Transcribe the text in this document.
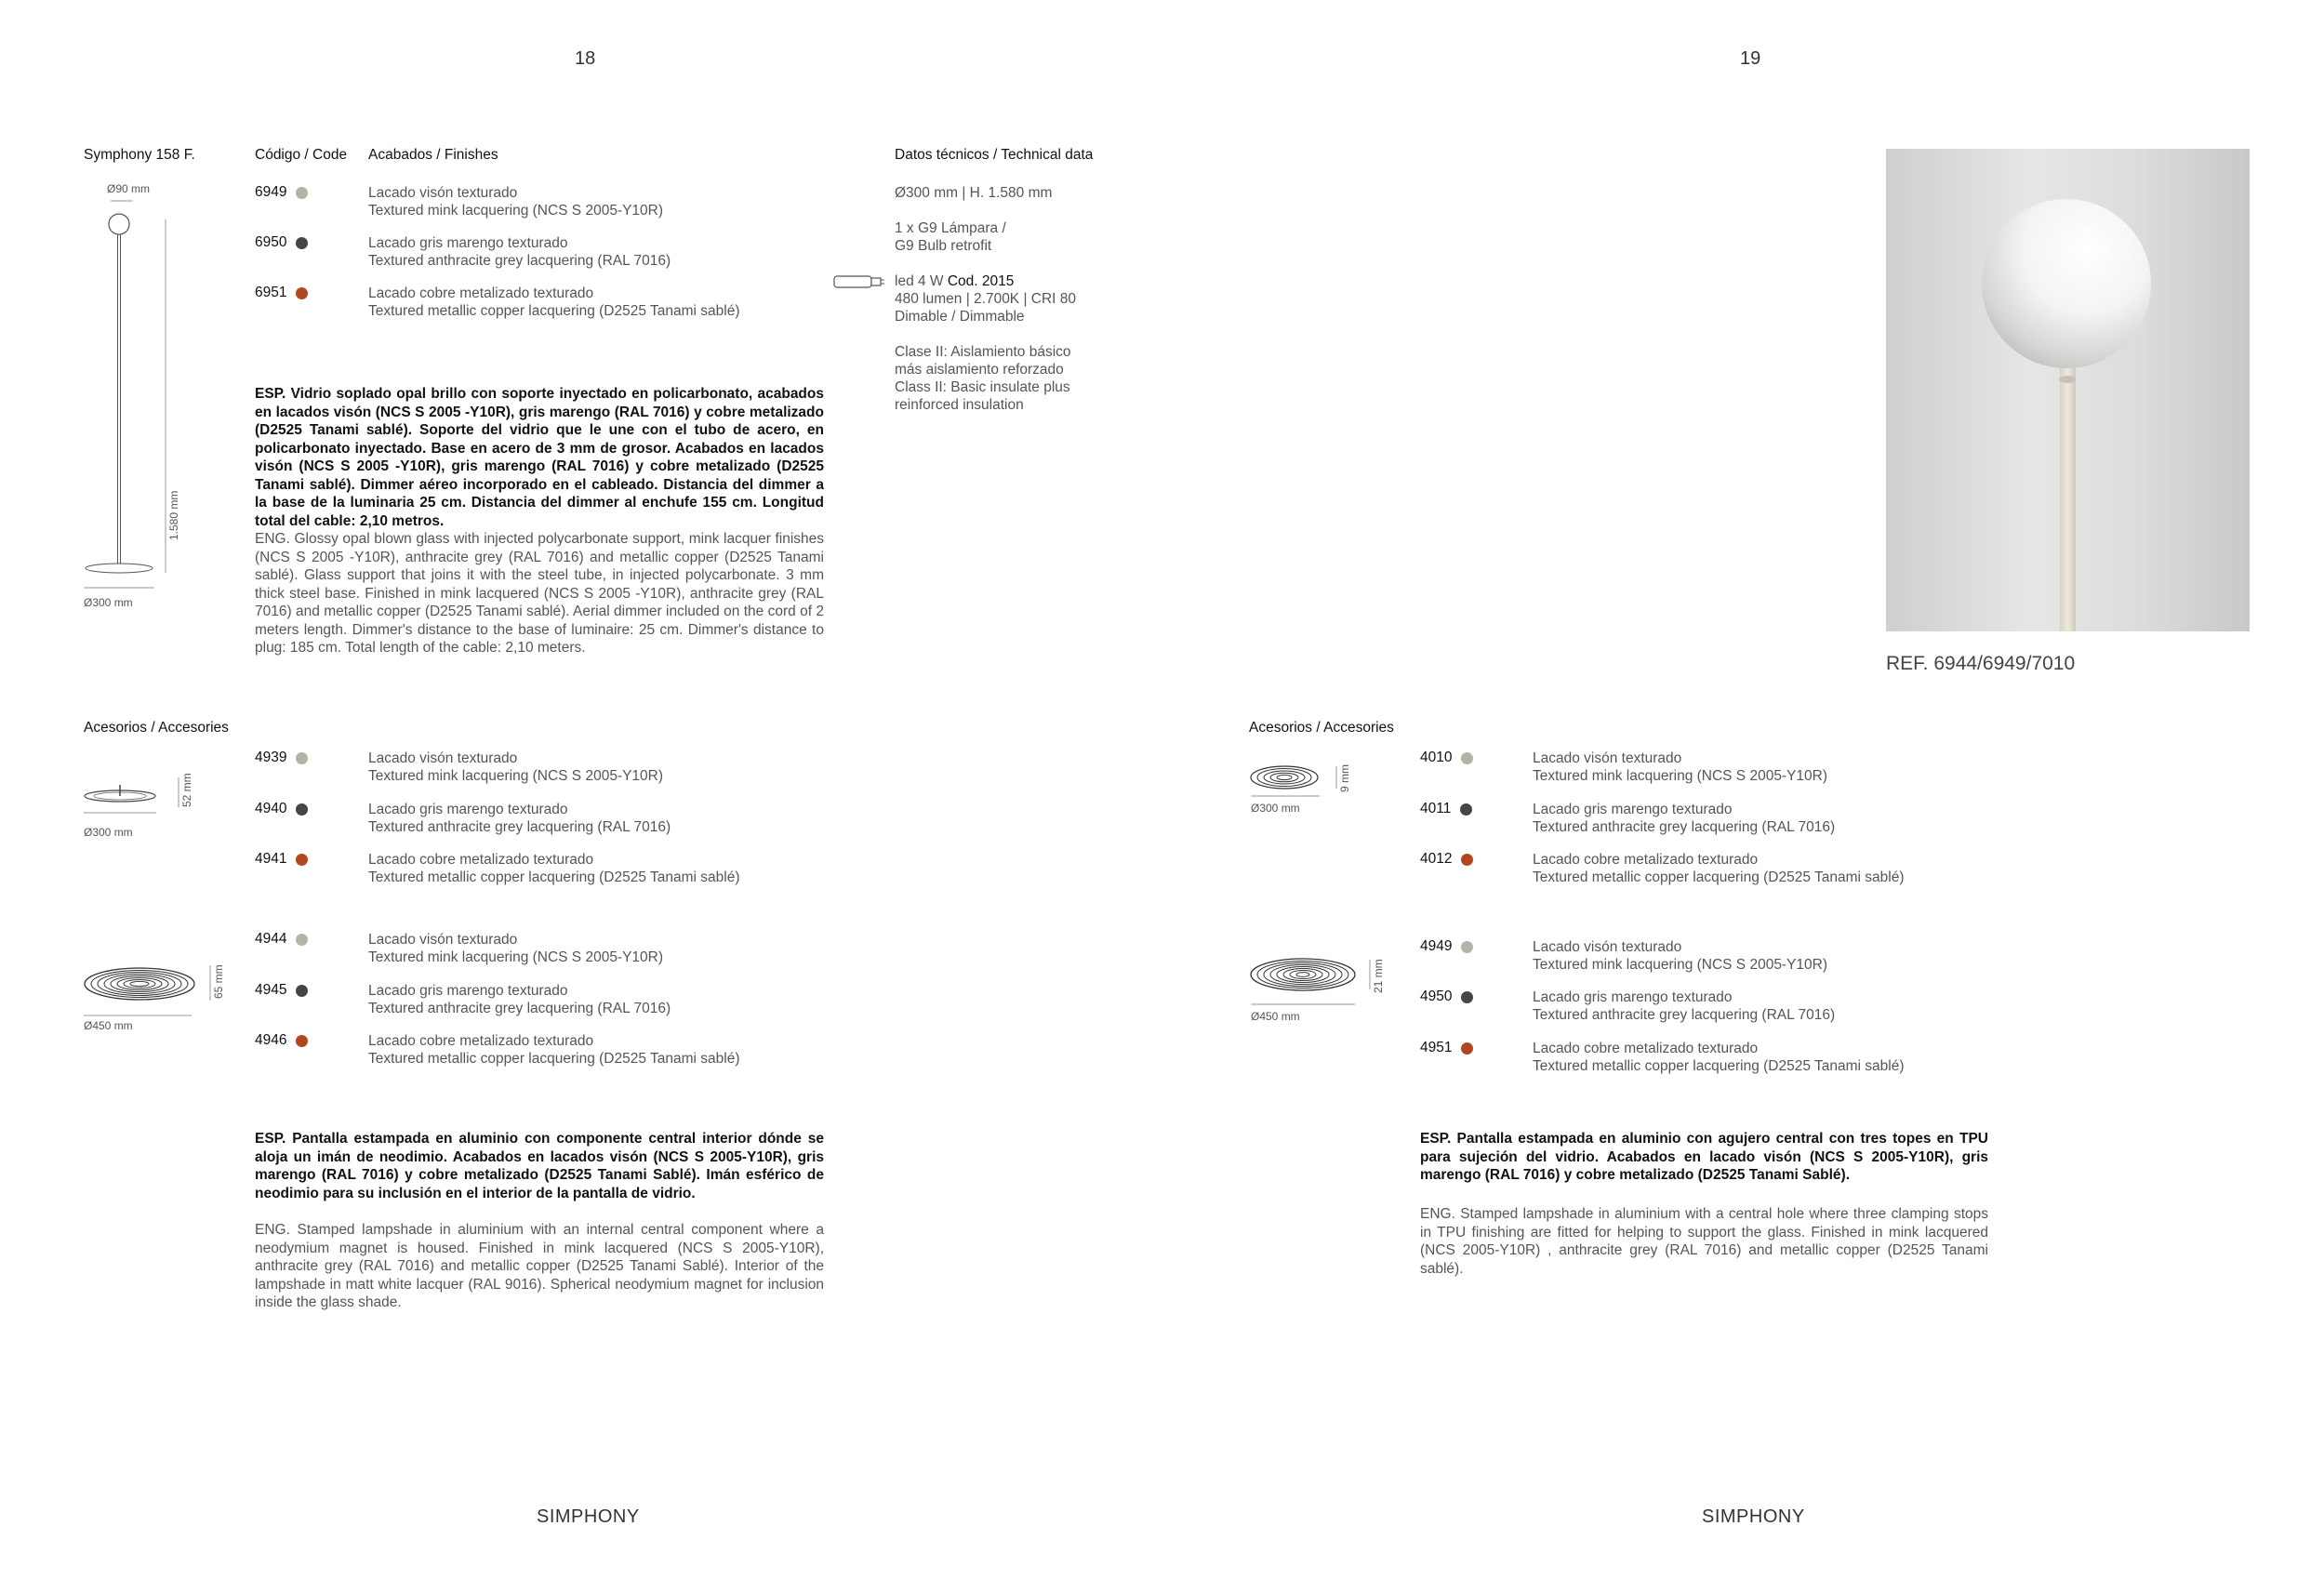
18
Symphony 158 F.	Código / Code Acabados / Finishes
Ø90 mm
1.580 mm
Ø300 mm
6949	Lacado visón texturado
Textured mink lacquering (NCS S 2005-Y10R)
6950	Lacado gris marengo texturado
Textured anthracite grey lacquering (RAL 7016)
6951	Lacado cobre metalizado texturado
Textured metallic copper lacquering (D2525 Tanami sablé)
Datos técnicos / Technical data
Ø300 mm | H. 1.580 mm
1 x G9 Lámpara /
G9 Bulb retrofit
led 4 W Cod. 2015
480 lumen | 2.700K | CRI 80
Dimable / Dimmable
Clase II: Aislamiento básico
más aislamiento reforzado
Class II: Basic insulate plus
reinforced insulation
ESP. Vidrio soplado opal brillo con soporte inyectado en policarbonato, acabados en lacados visón (NCS S 2005 -Y10R), gris marengo (RAL 7016) y cobre metalizado (D2525 Tanami sablé). Soporte del vidrio que le une con el tubo de acero, en policarbonato inyectado. Base en acero de 3 mm de grosor. Acabados en lacados visón (NCS S 2005 -Y10R), gris marengo (RAL 7016) y cobre metalizado (D2525 Tanami sablé). Dimmer aéreo incorporado en el cableado. Distancia del dimmer a la base de la luminaria 25 cm. Distancia del dimmer al enchufe 155 cm. Longitud total del cable: 2,10 metros.
ENG. Glossy opal blown glass with injected polycarbonate support, mink lacquer finishes (NCS S 2005 -Y10R), anthracite grey (RAL 7016) and metallic copper (D2525 Tanami sablé). Glass support that joins it with the steel tube, in injected polycarbonate. 3 mm thick steel base. Finished in mink lacquered (NCS S 2005 -Y10R), anthracite grey (RAL 7016) and metallic copper (D2525 Tanami sablé). Aerial dimmer included on the cord of 2 meters length. Dimmer's distance to the base of luminaire: 25 cm. Dimmer's distance to plug: 185 cm. Total length of the cable: 2,10 meters.
Acesorios / Accesories
52 mm
Ø300 mm
4939	Lacado visón texturado
Textured mink lacquering (NCS S 2005-Y10R)
4940	Lacado gris marengo texturado
Textured anthracite grey lacquering (RAL 7016)
4941	Lacado cobre metalizado texturado
Textured metallic copper lacquering (D2525 Tanami sablé)
65 mm
Ø450 mm
4944	Lacado visón texturado
Textured mink lacquering (NCS S 2005-Y10R)
4945	Lacado gris marengo texturado
Textured anthracite grey lacquering (RAL 7016)
4946	Lacado cobre metalizado texturado
Textured metallic copper lacquering (D2525 Tanami sablé)
ESP. Pantalla estampada en aluminio con componente central interior dónde se aloja un imán de neodimio. Acabados en lacados visón (NCS S 2005-Y10R), gris marengo (RAL 7016) y cobre metalizado (D2525 Tanami Sablé). Imán esférico de neodimio para su inclusión en el interior de la pantalla de vidrio.
ENG. Stamped lampshade in aluminium with an internal central component where a neodymium magnet is housed. Finished in mink lacquered (NCS S 2005-Y10R), anthracite grey (RAL 7016) and metallic copper (D2525 Tanami Sablé). Interior of the lampshade in matt white lacquer (RAL 9016). Spherical neodymium magnet for inclusion inside the glass shade.
SIMPHONY
19
REF. 6944/6949/7010
Acesorios / Accesories
9 mm
Ø300 mm
4010	Lacado visón texturado
Textured mink lacquering (NCS S 2005-Y10R)
4011	Lacado gris marengo texturado
Textured anthracite grey lacquering (RAL 7016)
4012	Lacado cobre metalizado texturado
Textured metallic copper lacquering (D2525 Tanami sablé)
21 mm
Ø450 mm
4949	Lacado visón texturado
Textured mink lacquering (NCS S 2005-Y10R)
4950	Lacado gris marengo texturado
Textured anthracite grey lacquering (RAL 7016)
4951	Lacado cobre metalizado texturado
Textured metallic copper lacquering (D2525 Tanami sablé)
ESP. Pantalla estampada en aluminio con agujero central con tres topes en TPU para sujeción del vidrio. Acabados en lacado visón (NCS S 2005-Y10R), gris marengo (RAL 7016) y cobre metalizado (D2525 Tanami Sablé).
ENG. Stamped lampshade in aluminium with a central hole where three clamping stops in TPU finishing are fitted for helping to support the glass. Finished in mink lacquered (NCS 2005-Y10R) , anthracite grey (RAL 7016) and metallic copper (D2525 Tanami sablé).
SIMPHONY
